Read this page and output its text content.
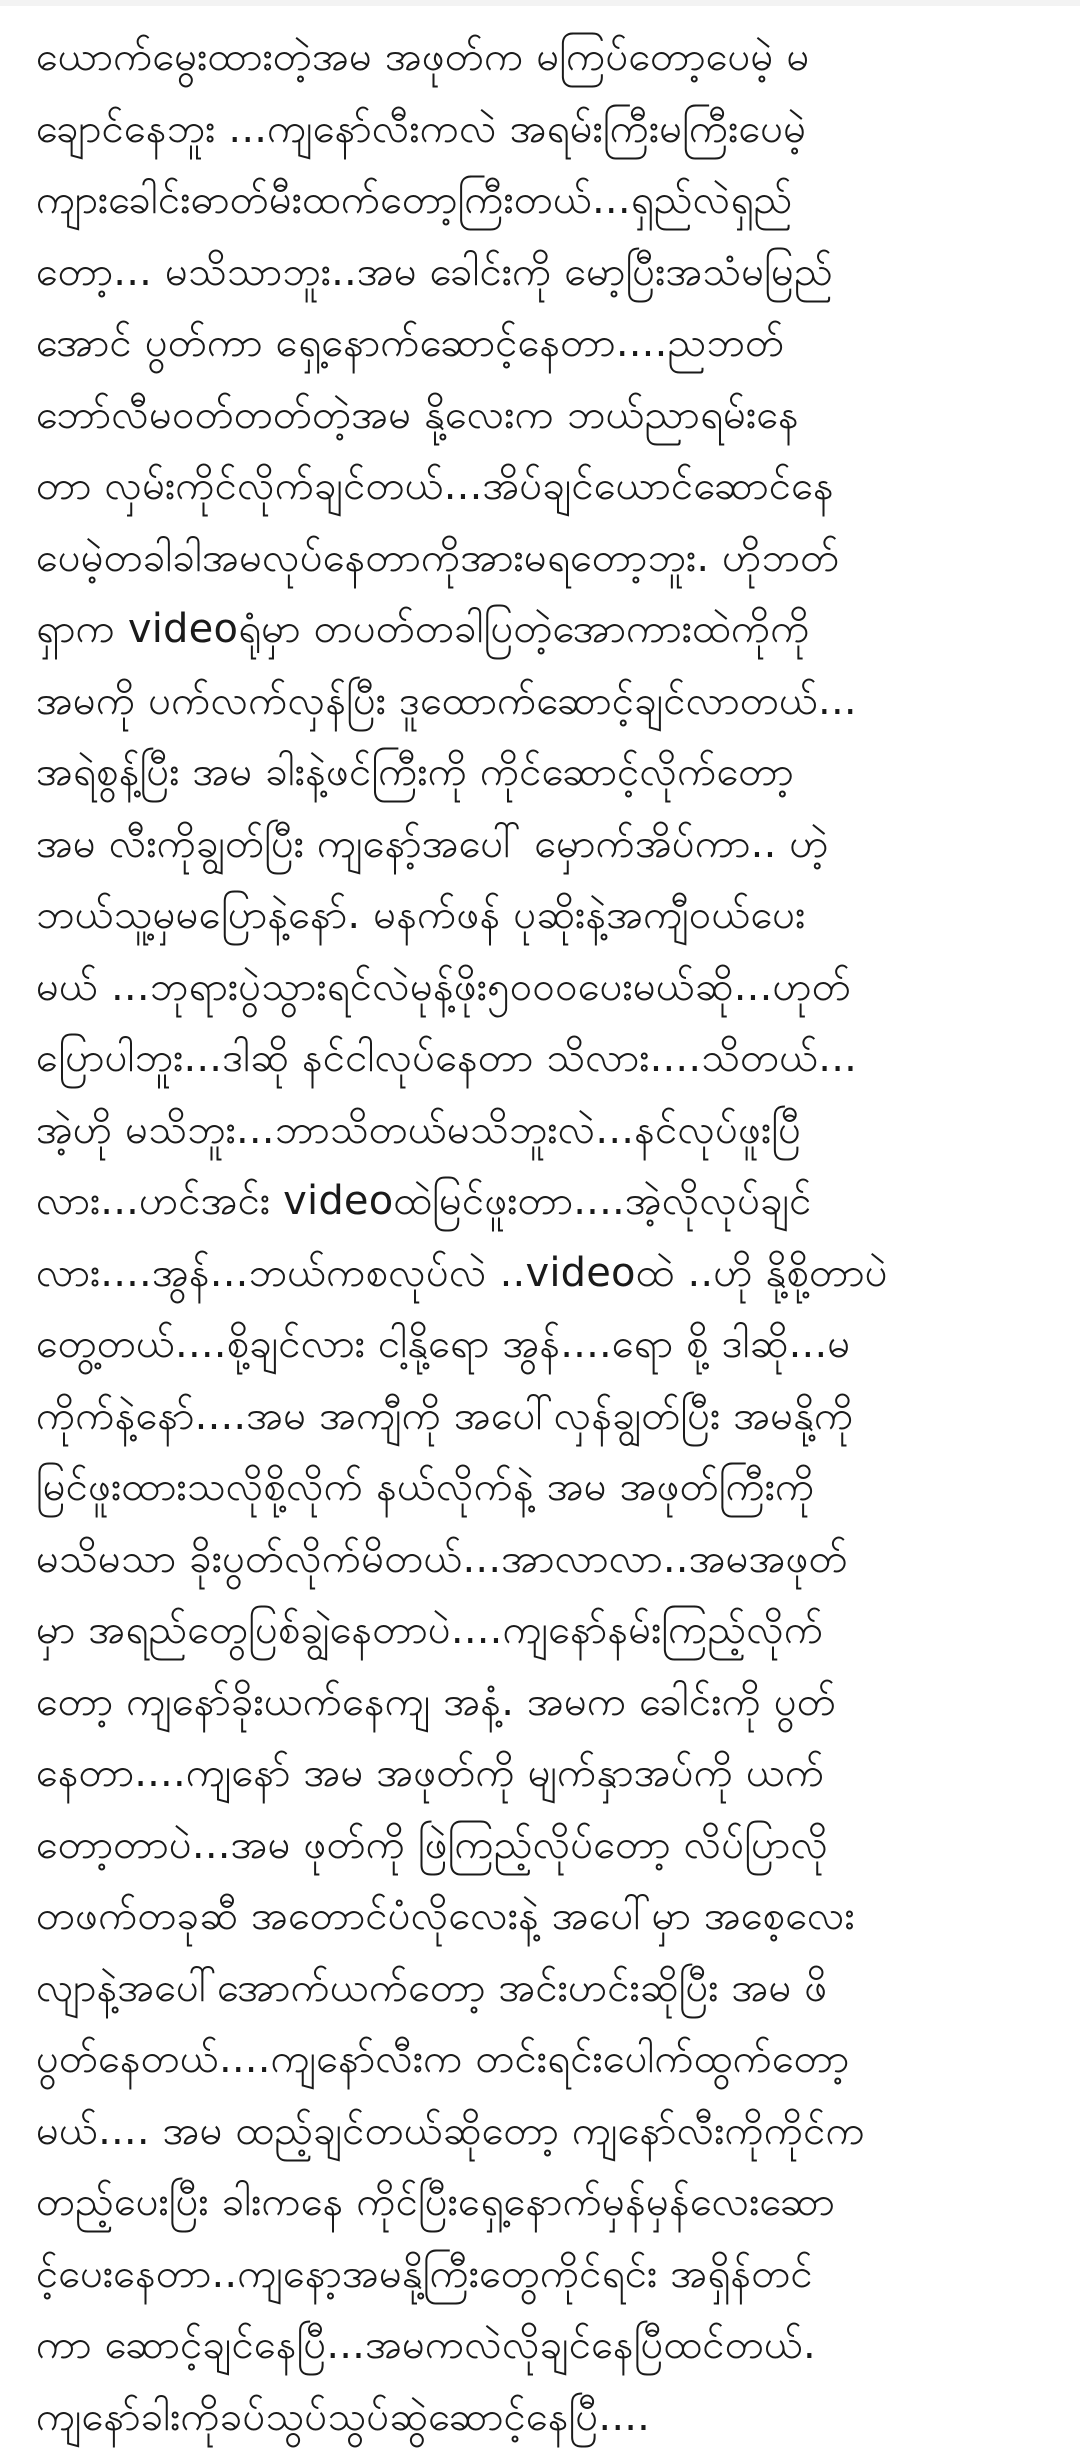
ယောက်မွေးထားတဲ့အမ အဖုတ်က မကြပ်တော့ပေမဲ့ မ
ချောင်နေဘူး ...ကျနော်လီးကလဲ အရမ်းကြီးမကြီးပေမဲ့
ကျားခေါင်းဓာတ်မီးထက်တော့ကြီးတယ်...ရှည်လဲရှည်
တော့... မသိသာဘူး..အမ ခေါင်းကို မော့ပြီးအသံမမြည်
အောင် ပွတ်ကာ ရှေ့နောက်ဆောင့်နေတာ....ညဘတ်
ဘော်လီမဝတ်တတ်တဲ့အမ နို့လေးက ဘယ်ညာရမ်းနေ
တာ လှမ်းကိုင်လိုက်ချင်တယ်...အိပ်ချင်ယောင်ဆောင်နေ
ပေမဲ့တခါခါအမလုပ်နေတာကိုအားမရတော့ဘူး. ဟိုဘတ်
ရှာက videoရုံမှာ တပတ်တခါပြတဲ့အောကားထဲကိုကို
အမကို ပက်လက်လှန်ပြီး ဒူထောက်ဆောင့်ချင်လာတယ်...
အရဲစွန့်ပြီး အမ ခါးနဲ့ဖင်ကြီးကို ကိုင်ဆောင့်လိုက်တော့
အမ လီးကိုချွတ်ပြီး ကျနော့်အပေါ် မှောက်အိပ်ကာ.. ဟဲ့
ဘယ်သူ့မှမပြောနဲ့နော်. မနက်ဖန် ပုဆိုးနဲ့အကျီဝယ်ပေး
မယ် ...ဘုရားပွဲသွားရင်လဲမုန့်ဖိုး၅၀၀၀ပေးမယ်ဆို...ဟုတ်
ပြောပါဘူး...ဒါဆို နင်ငါလုပ်နေတာ သိလား....သိတယ်...
အဲ့ဟို မသိဘူး...ဘာသိတယ်မသိဘူးလဲ...နင်လုပ်ဖူးပြီ
လား...ဟင်အင်း videoထဲမြင်ဖူးတာ....အဲ့လိုလုပ်ချင်
လား....အွန်...ဘယ်ကစလုပ်လဲ ..videoထဲ ..ဟို နို့စို့တာပဲ
တွေ့တယ်....စို့ချင်လား ငါ့နို့ရော အွန်....ရော စို့ ဒါဆို...မ
ကိုက်နဲ့နော်....အမ အကျီကို အပေါ်လှန်ချွတ်ပြီး အမနို့ကို
မြင်ဖူးထားသလိုစို့လိုက် နယ်လိုက်နဲ့ အမ အဖုတ်ကြီးကို
မသိမသာ ခိုးပွတ်လိုက်မိတယ်...အာလာလာ..အမအဖုတ်
မှာ အရည်တွေပြစ်ချွဲနေတာပဲ....ကျနော်နမ်းကြည့်လိုက်
တော့ ကျနော်ခိုးယက်နေကျ အနံ့. အမက ခေါင်းကို ပွတ်
နေတာ....ကျနော် အမ အဖုတ်ကို မျက်နှာအပ်ကို ယက်
တော့တာပဲ...အမ ဖုတ်ကို ဖြဲကြည့်လိုပ်တော့ လိပ်ပြာလို
တဖက်တခုဆီ အတောင်ပံလိုလေးနဲ့ အပေါ်မှာ အစေ့လေး
လျာနဲ့အပေါ်အောက်ယက်တော့ အင်းဟင်းဆိုပြီး အမ ဖိ
ပွတ်နေတယ်....ကျနော်လီးက တင်းရင်းပေါက်ထွက်တော့
မယ်.... အမ ထည့်ချင်တယ်ဆိုတော့ ကျနော်လီးကိုကိုင်က
တည့်ပေးပြီး ခါးကနေ ကိုင်ပြီးရှေ့နောက်မှန်မှန်လေးဆော
င့်ပေးနေတာ..ကျနော့အမနို့ကြီးတွေကိုင်ရင်း အရှိန်တင်
ကာ ဆောင့်ချင်နေပြီ...အမကလဲလိုချင်နေပြီထင်တယ်.
ကျနော်ခါးကိုခပ်သွပ်သွပ်ဆွဲဆောင့်နေပြီ....
